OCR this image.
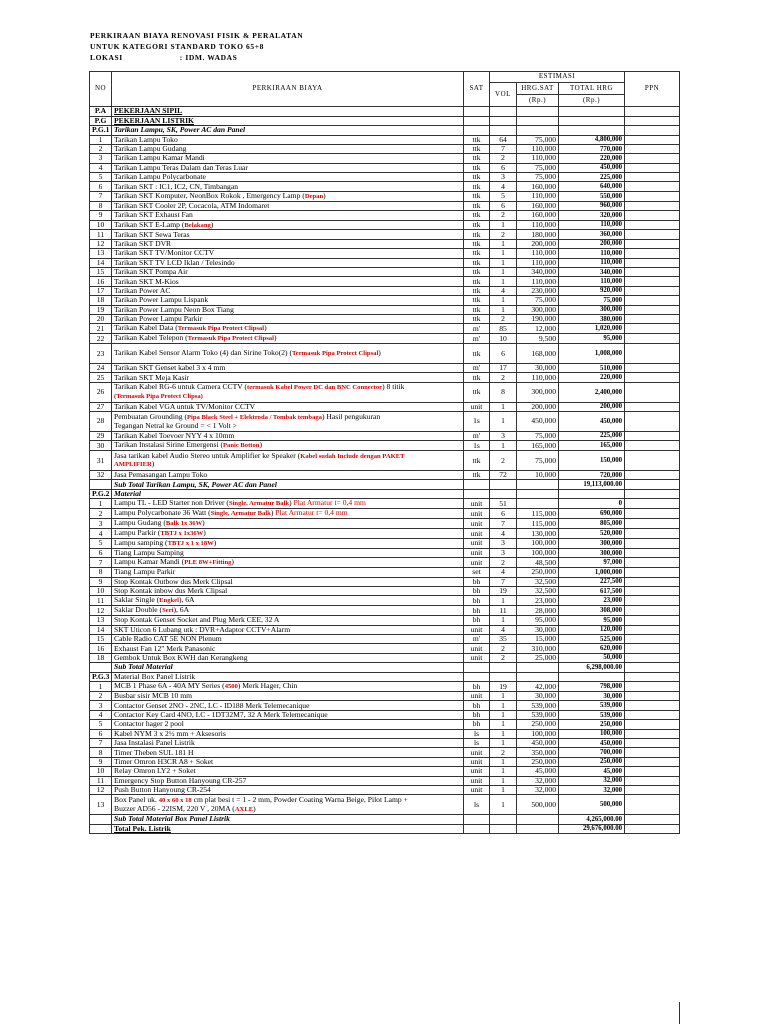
PERKIRAAN BIAYA RENOVASI FISIK & PERALATAN
UNTUK KATEGORI STANDARD TOKO 65+8
LOKASI	: IDM. WADAS
NO	PERKIRAAN BIAYA	SAT	ESTIMASI			PPN
			VOL	HRG.SAT	TOTAL HRG	
				(Rp.)	(Rp.)	
P.A	PEKERJAAN SIPIL					
P.G	PEKERJAAN LISTRIK					
P.G.1	Tarikan Lampu, SK, Power AC dan Panel					
1	Tarikan Lampu Toko	ttk	64	75,000	4,800,000	
2	Tarikan Lampu Gudang	ttk	7	110,000	770,000	
3	Tarikan Lampu Kamar Mandi	ttk	2	110,000	220,000	
4	Tarikan Lampu Teras Dalam dan Teras Luar	ttk	6	75,000	450,000	
5	Tarikan Lampu Polycarbonate	ttk	3	75,000	225,000	
6	Tarikan SKT : IC1, IC2, CN, Timbangan	ttk	4	160,000	640,000	
7	Tarikan SKT Komputer, NeonBox Rokok , Emergency Lamp (Depan)	ttk	5	110,000	550,000	
8	Tarikan SKT Cooler 2P, Cocacola, ATM Indomaret	ttk	6	160,000	960,000	
9	Tarikan SKT Exhaust Fan	ttk	2	160,000	320,000	
10	Tarikan SKT E-Lamp (Belakang)	ttk	1	110,000	110,000	
11	Tarikan SKT Sewa Teras	ttk	2	180,000	360,000	
12	Tarikan SKT DVR	ttk	1	200,000	200,000	
13	Tarikan SKT TV/Monitor CCTV	ttk	1	110,000	110,000	
14	Tarikan SKT TV LCD Iklan / Telesindo	ttk	1	110,000	110,000	
15	Tarikan SKT Pompa Air	ttk	1	340,000	340,000	
16	Tarikan SKT M-Kios	ttk	1	110,000	110,000	
17	Tarikan Power AC	ttk	4	230,000	920,000	
18	Tarikan Power Lampu Lispank	ttk	1	75,000	75,000	
19	Tarikan Power Lampu Neon Box Tiang	ttk	1	300,000	300,000	
20	Tarikan Power Lampu Parkir	ttk	2	190,000	380,000	
21	Tarikan Kabel Data (Termasuk Pipa Protect Clipsal)	m'	85	12,000	1,020,000	
22	Tarikan Kabel Telepon (Termasuk Pipa Protect Clipsal)	m'	10	9,500	95,000	
23	Tarikan Kabel Sensor Alarm Toko (4) dan Sirine Toko(2) (Termasuk Pipa Protect Clipsal)	ttk	6	168,000	1,008,000	
24	Tarikan SKT Genset kabel 3 x 4 mm	m'	17	30,000	510,000	
25	Tarikan SKT Meja Kasir	ttk	2	110,000	220,000	
26	Tarikan Kabel RG-6 untuk Camera CCTV (termasuk Kabel Power DC dan BNC Connector) 8 titik
(Termasuk Pipa Protect Clipsa)	ttk	8	300,000	2,400,000	
27	Tarikan Kabel VGA untuk TV/Monitor CCTV	unit	1	200,000	200,000	
28	Pembuatan Grounding (Pipa Black Steel + Elektroda / Tombak tembaga) Hasil pengukuran
Tegangan Netral ke Ground = < 1 Volt >	1s	1	450,000	450,000	
29	Tarikan Kabel Toevoer NYY 4 x 10mm	m'	3	75,000	225,000	
30	Tarikan Instalasi Sirine Emergensi (Panic Botton)	1s	1	165,000	165,000	
31	Jasa tarikan kabel Audio Stereo untuk Amplifier ke Speaker (Kabel sudah Include dengan PAKET
AMPLIFIER)	ttk	2	75,000	150,000	
32	Jasa Pemasangan Lampu Toko	ttk	72	10,000	720,000	
	Sub Total Tarikan Lampu, SK, Power AC dan Panel				19,113,000.00	
P.G.2	Material					
1	Lampu TL - LED Starter non Driver (Single, Armatur Balk) Plat Armatur t= 0,4 mm	unit	51		0	
2	Lampu Polycarbonate 36 Watt (Single, Armatur Balk) Plat Armatur t= 0,4 mm	unit	6	115,000	690,000	
3	Lampu Gudang (Balk 1x 36W)	unit	7	115,000	805,000	
4	Lampu Parkir (TBTJ x 1x36W)	unit	4	130,000	520,000	
5	Lampu samping (TBTJ x 1 x 18W)	unit	3	100,000	300,000	
6	Tiang Lampu Samping	unit	3	100,000	300,000	
7	Lampu Kamar Mandi (PLE 8W+Fitting)	unit	2	48,500	97,000	
8	Tiang Lampu Parkir	set	4	250,000	1,000,000	
9	Stop Kontak Outbow dus Merk Clipsal	bh	7	32,500	227,500	
10	Stop Kontak inbow dus Merk Clipsal	bh	19	32,500	617,500	
11	Saklar Single (Engkel), 6A	bh	1	23,000	23,000	
12	Saklar Double (Seri), 6A	bh	11	28,000	308,000	
13	Stop Kontak Genset Socket and Plug Merk CEE, 32 A	bh	1	95,000	95,000	
14	SKT Uticon 6 Lubang utk : DVR+Adaptor CCTV+Alarm	unit	4	30,000	120,000	
15	Cable Radio CAT 5E NON Plenum	m'	35	15,000	525,000	
16	Exhaust Fan 12" Merk Panasonic	unit	2	310,000	620,000	
18	Gembok Untuk Box KWH dan Kerangkeng	unit	2	25,000	50,000	
	Sub Total Material				6,298,000.00	
P.G.3	Material Box Panel Listrik					
1	MCB 1 Phase 6A - 40A MY Series (4500) Merk Hager, Chin	bh	19	42,000	798,000	
2	Busbar sisir MCB 10 mm	unit	1	30,000	30,000	
3	Contactor Genset 2NO - 2NC, LC - ID188 Merk Telemecanique	bh	1	539,000	539,000	
4	Contactor Key Card 4NO, LC - 1DT32M7, 32 A Merk Telemecanique	bh	1	539,000	539,000	
5	Contactor hager 2 pool	bh	1	250,000	250,000	
6	Kabel NYM 3 x 2½ mm + Aksesoris	ls	1	100,000	100,000	
7	Jasa Instalasi Panel Listrik	ls	1	450,000	450,000	
8	Timer Theben SUL 181 H	unit	2	350,000	700,000	
9	Timer Omron H3CR A8 + Soket	unit	1	250,000	250,000	
10	Relay Omron LY2 + Soket	unit	1	45,000	45,000	
11	Emergency Stop Button Hanyoung CR-257	unit	1	32,000	32,000	
12	Push Button Hanyoung CR-254	unit	1	32,000	32,000	
13	Box Panel uk. 40 x 60 x 18 cm plat besi t = 1 - 2 mm, Powder Coating Warna Beige, Pilot Lamp +
Buzzer AD56 - 22ISM, 220 V , 20MA (AXLE)	ls	1	500,000	500,000	
	Sub Total Material Box Panel Listrik				4,265,000.00	
	Total Pek. Listrik				29,676,000.00	
